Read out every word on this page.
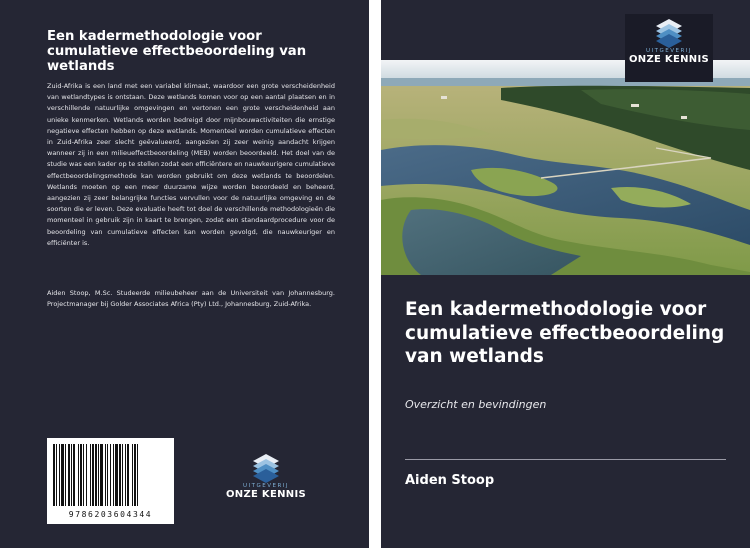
Een kadermethodologie voor cumulatieve effectbeoordeling van wetlands
Zuid-Afrika is een land met een variabel klimaat, waardoor een grote verscheidenheid van wetlandtypes is ontstaan. Deze wetlands komen voor op een aantal plaatsen en in verschillende natuurlijke omgevingen en vertonen een grote verscheidenheid aan unieke kenmerken. Wetlands worden bedreigd door mijnbouwactiviteiten die ernstige negatieve effecten hebben op deze wetlands. Momenteel worden cumulatieve effecten in Zuid-Afrika zeer slecht geëvalueerd, aangezien zij zeer weinig aandacht krijgen wanneer zij in een milieueffectbeoordeling (MEB) worden beoordeeld. Het doel van de studie was een kader op te stellen zodat een efficiëntere en nauwkeurigere cumulatieve effectbeoordelingsmethode kan worden gebruikt om deze wetlands te beoordelen. Wetlands moeten op een meer duurzame wijze worden beoordeeld en beheerd, aangezien zij zeer belangrijke functies vervullen voor de natuurlijke omgeving en de soorten die er leven. Deze evaluatie heeft tot doel de verschillende methodologieën die momenteel in gebruik zijn in kaart te brengen, zodat een standaardprocedure voor de beoordeling van cumulatieve effecten kan worden gevolgd, die nauwkeuriger en efficiënter is.
Aiden Stoop, M.Sc. Studeerde milieubeheer aan de Universiteit van Johannesburg. Projectmanager bij Golder Associates Africa (Pty) Ltd., Johannesburg, Zuid-Afrika.
9786203604344
UITGEVERIJ
ONZE KENNIS
UITGEVERIJ
ONZE KENNIS
Een kadermethodologie voor cumulatieve effectbeoordeling van wetlands
Overzicht en bevindingen
Aiden Stoop
